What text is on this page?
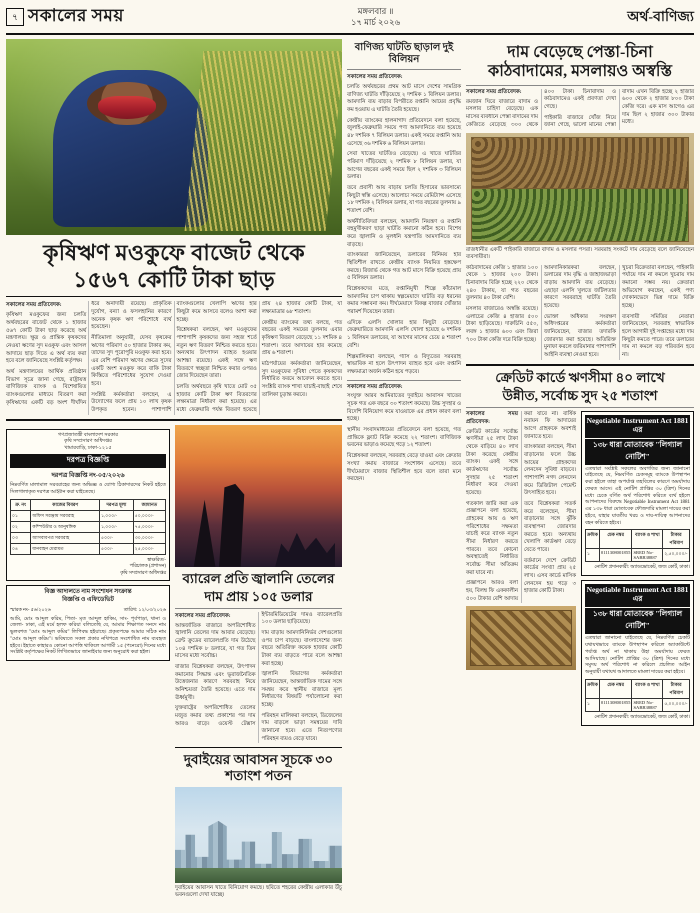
৭ সকালের সময়	মঙ্গলবার ॥
১৭ মার্চ ২০২৬	অর্থ-বাণিজ্য
কৃষিঋণ মওকুফে বাজেট থেকে
১৫৬৭ কোটি টাকা ছাড়
সকালের সময় প্রতিবেদক:

কৃষিঋণ মওকুফের জন্য চলতি অর্থবছরের বাজেট থেকে ১ হাজার ৫৬৭ কোটি টাকা ছাড় করেছে অর্থ মন্ত্রণালয়। ক্ষুদ্র ও প্রান্তিক কৃষকদের নেওয়া ঋণের সুদ মওকুফ এবং আসল আদায়ে ছাড় দিতে এ অর্থ ব্যয় করা হবে বলে জানিয়েছে সংশ্লিষ্ট কর্তৃপক্ষ।

অর্থ মন্ত্রণালয়ের আর্থিক প্রতিষ্ঠান বিভাগ সূত্রে জানা গেছে, রাষ্ট্রায়ত্ত বাণিজ্যিক ব্যাংক ও বিশেষায়িত ব্যাংকগুলোর মাধ্যমে বিতরণ করা কৃষিঋণের একটি বড় অংশ দীর্ঘদিন ধরে অনাদায়ী রয়েছে। প্রাকৃতিক দুর্যোগ, বন্যা ও ফসলহানির কারণে অনেক কৃষক ঋণ পরিশোধে ব্যর্থ হয়েছেন।

নীতিমালা অনুযায়ী, যেসব কৃষকের ঋণের পরিমাণ ৫০ হাজার টাকার কম, তাদের সুদ পুরোপুরি মওকুফ করা হবে। এর বেশি পরিমাণ ঋণের ক্ষেত্রে সুদের একটি অংশ মওকুফ করে বাকি টাকা কিস্তিতে পরিশোধের সুযোগ দেওয়া হবে।

সংশ্লিষ্ট কর্মকর্তারা বলছেন, এ উদ্যোগের ফলে প্রায় ১০ লাখ কৃষক উপকৃত হবেন। পাশাপাশি ব্যাংকগুলোর খেলাপি ঋণের হার কিছুটা কমে আসবে বলেও আশা করা হচ্ছে।

বিশ্লেষকরা বলছেন, ঋণ মওকুফের পাশাপাশি কৃষকদের জন্য সহজ শর্তে নতুন ঋণ বিতরণ নিশ্চিত করতে হবে। অন্যথায় উৎপাদন ব্যাহত হওয়ার আশঙ্কা রয়েছে। একই সঙ্গে ঋণ বিতরণে স্বচ্ছতা নিশ্চিত করার ওপরও জোর দিয়েছেন তারা।

চলতি অর্থবছরে কৃষি খাতে মোট ৩৫ হাজার কোটি টাকা ঋণ বিতরণের লক্ষ্যমাত্রা নির্ধারণ করা হয়েছে। এর মধ্যে ফেব্রুয়ারি পর্যন্ত বিতরণ হয়েছে প্রায় ২৪ হাজার কোটি টাকা, যা লক্ষ্যমাত্রার ৬৮ শতাংশ।

কেন্দ্রীয় ব্যাংকের তথ্য বলছে, গত বছরের একই সময়ের তুলনায় এবার কৃষিঋণ বিতরণ বেড়েছে ১১ দশমিক ৪ শতাংশ। তবে আদায়ের হার কমেছে প্রায় ৬ শতাংশ।

মাঠপর্যায়ের কর্মকর্তারা জানিয়েছেন, সুদ মওকুফের সুবিধা পেতে কৃষকদের নির্ধারিত ফরমে আবেদন করতে হবে। সংশ্লিষ্ট ব্যাংক শাখা যাচাই-বাছাই শেষে তালিকা চূড়ান্ত করবে।

গণপ্রজাতন্ত্রী বাংলাদেশ সরকার
কৃষি সম্প্রসারণ অধিদপ্তর
খামারবাড়ি, ঢাকা-১২১৫
দরপত্র বিজ্ঞপ্তি
দরপত্র বিজ্ঞপ্তি নং-০৫/২০২৬
নিম্নবর্ণিত মালামাল সরবরাহের জন্য অভিজ্ঞ ও যোগ্য ঠিকাদারদের নিকট হইতে সিলগালাকৃত দরপত্র আহ্বান করা যাইতেছে।
ক্র. নং	কাজের বিবরণ	দরপত্র মূল্য	জামানত
০১	অফিস সরঞ্জাম সরবরাহ	১,০০০/-	৫০,০০০/-
০২	কম্পিউটার ও আনুষঙ্গিক	১,০০০/-	৭৫,০০০/-
০৩	আসবাবপত্র সরবরাহ	৫০০/-	৩০,০০০/-
০৪	যানবাহন মেরামত	৫০০/-	২৫,০০০/-
স্বাক্ষরিত/-
পরিচালক (প্রশাসন)
কৃষি সম্প্রসারণ অধিদপ্তর
বিজ্ঞ আদালতে নাম সংশোধন সংক্রান্ত
বিজ্ঞপ্তি ও এফিডেভিট
স্মারক নং- ৫৬/২০২৬	তারিখ: ১২/০৩/২০২৬
আমি, মোঃ আব্দুল করিম, পিতা- মৃত আব্দুল হাকিম, সাং- পূর্বপাড়া, থানা ও জেলা- ঢাকা, এই মর্মে হলফ করিয়া বলিতেছি যে, আমার শিক্ষাগত সনদে নাম ভুলবশত "মোঃ আব্দুল কমির" লিপিবদ্ধ হইয়াছে। প্রকৃতপক্ষে আমার সঠিক নাম "মোঃ আব্দুল করিম"। ভবিষ্যতে সকল প্রকার নথিপত্রে সংশোধিত নাম ব্যবহৃত হইবে। ইহাতে কাহারও কোনো আপত্তি থাকিলে আগামী ১৫ (পনেরো) দিনের মধ্যে সংশ্লিষ্ট কর্তৃপক্ষের নিকট লিখিতভাবে জানাইবার জন্য অনুরোধ করা হইল।
ব্যারেল প্রতি জ্বালানি তেলের
দাম প্রায় ১০৫ ডলার
সকালের সময় প্রতিবেদক:

আন্তর্জাতিক বাজারে অপরিশোধিত জ্বালানি তেলের দাম আবার বেড়েছে। ব্রেন্ট ক্রুডের ব্যারেলপ্রতি দাম উঠেছে ১০৪ দশমিক ৮ ডলারে, যা গত তিন মাসের মধ্যে সর্বোচ্চ।

বাজার বিশ্লেষকরা বলছেন, উৎপাদন কমানোর সিদ্ধান্ত এবং ভূরাজনৈতিক উত্তেজনার কারণে সরবরাহ নিয়ে অনিশ্চয়তা তৈরি হয়েছে। এতে দাম ঊর্ধ্বমুখী।

যুক্তরাষ্ট্রের অপরিশোধিত তেলের মজুত কমার তথ্য প্রকাশের পর দাম আরও বাড়ে। ওয়েস্ট টেক্সাস ইন্টারমিডিয়েটের দামও ব্যারেলপ্রতি ১০০ ডলার ছাড়িয়েছে।

দাম বাড়ায় আমদানিনির্ভর দেশগুলোর ওপর চাপ বাড়ছে। বাংলাদেশের জন্য বছরে অতিরিক্ত কয়েক হাজার কোটি টাকা ব্যয় বাড়তে পারে বলে আশঙ্কা করা হচ্ছে।

জ্বালানি বিভাগের কর্মকর্তারা জানিয়েছেন, আন্তর্জাতিক দামের সঙ্গে সমন্বয় করে স্থানীয় বাজারে মূল্য নির্ধারণের বিষয়টি পর্যালোচনা করা হচ্ছে।

পরিবহন মালিকরা বলছেন, ডিজেলের দাম বাড়লে ভাড়া সমন্বয়ের দাবি জানানো হবে। এতে নিত্যপণ্যের পরিবহন ব্যয়ও বেড়ে যাবে।

দুবাইয়ের আবাসন সূচকে ৩০ শতাংশ পতন
দুবাইয়ের আবাসন খাতে বিনিয়োগ কমছে। ছবিতে শহরের কেন্দ্রীয় এলাকার উঁচু ভবনগুলো দেখা যাচ্ছে।
বাণিজ্য ঘাটতি ছাড়াল দুই বিলিয়ন
সকালের সময় প্রতিবেদক:

চলতি অর্থবছরের প্রথম আট মাসে দেশের সামগ্রিক বাণিজ্য ঘাটতি দাঁড়িয়েছে ২ দশমিক ১ বিলিয়ন ডলার। আমদানি ব্যয় বাড়ার বিপরীতে রপ্তানি আয়ের প্রবৃদ্ধি কম হওয়ায় এ ঘাটতি তৈরি হয়েছে।

কেন্দ্রীয় ব্যাংকের হালনাগাদ প্রতিবেদনে বলা হয়েছে, জুলাই-ফেব্রুয়ারি সময়ে পণ্য আমদানিতে ব্যয় হয়েছে ৪৮ দশমিক ৭ বিলিয়ন ডলার। একই সময়ে রপ্তানি আয় এসেছে ৩৬ দশমিক ৬ বিলিয়ন ডলার।

সেবা খাতের ঘাটতিও বেড়েছে। এ খাতে ঘাটতির পরিমাণ দাঁড়িয়েছে ২ দশমিক ৮ বিলিয়ন ডলার, যা আগের বছরের একই সময়ে ছিল ২ দশমিক ৩ বিলিয়ন ডলার।

তবে প্রবাসী আয় বাড়ায় চলতি হিসাবের ভারসাম্যে কিছুটা স্বস্তি এসেছে। আলোচ্য সময়ে রেমিট্যান্স এসেছে ১৮ দশমিক ২ বিলিয়ন ডলার, যা গত বছরের তুলনায় ৯ শতাংশ বেশি।

অর্থনীতিবিদরা বলছেন, আমদানি নিয়ন্ত্রণ ও রপ্তানি বহুমুখীকরণ ছাড়া ঘাটতি কমানো কঠিন হবে। বিশেষ করে জ্বালানি ও মূলধনি যন্ত্রপাতি আমদানিতে ব্যয় বাড়ছে।

ব্যাংকাররা জানিয়েছেন, ডলারের বিনিময় হার স্থিতিশীল রাখতে কেন্দ্রীয় ব্যাংক নিয়মিত হস্তক্ষেপ করছে। রিজার্ভ থেকে গত আট মাসে বিক্রি হয়েছে প্রায় ৫ বিলিয়ন ডলার।

বিশ্লেষকদের মতে, রপ্তানিমুখী শিল্পে কাঁচামাল আমদানির চাপ থাকায় স্বল্পমেয়াদে ঘাটতি বড় ধরনের কমার সম্ভাবনা কম। দীর্ঘমেয়াদে বিকল্প বাজার খোঁজার পরামর্শ দিয়েছেন তারা।

এদিকে এলসি খোলার হার কিছুটা বেড়েছে। ফেব্রুয়ারিতে আমদানি এলসি খোলা হয়েছে ৬ দশমিক ১ বিলিয়ন ডলারের, যা আগের মাসের চেয়ে ৪ শতাংশ বেশি।

শিল্পমালিকরা বলছেন, গ্যাস ও বিদ্যুতের সরবরাহ স্বাভাবিক না হলে উৎপাদন ব্যাহত হবে এবং রপ্তানি লক্ষ্যমাত্রা অর্জন কঠিন হয়ে পড়বে।

সকালের সময় প্রতিবেদক:

সংযুক্ত আরব আমিরাতের দুবাইয়ে আবাসন খাতের সূচক গত এক বছরে ৩০ শতাংশ কমেছে। উচ্চ সুদহার ও বিদেশি বিনিয়োগ কমে যাওয়াকে এর প্রধান কারণ বলা হচ্ছে।

স্থানীয় সংবাদমাধ্যমের প্রতিবেদনে বলা হয়েছে, গত প্রান্তিকে ফ্ল্যাট বিক্রি কমেছে ২২ শতাংশ। বাণিজ্যিক ভবনের ভাড়াও কমেছে গড়ে ১২ শতাংশ।

বিশ্লেষকরা বলছেন, সরবরাহ বেড়ে যাওয়া এবং ক্রেতার সংখ্যা কমায় বাজারে সংশোধন এসেছে। তবে দীর্ঘমেয়াদে বাজার স্থিতিশীল হবে বলে তারা মনে করছেন।

দাম বেড়েছে পেস্তা-চিনা
কাঠবাদামের, মসলায়ও অস্বস্তি
সকালের সময় প্রতিবেদক:

রমজান ঘিরে বাজারে বাদাম ও মসলার চাহিদা বেড়েছে। এক মাসের ব্যবধানে পেস্তা বাদামের দাম কেজিতে বেড়েছে ৩০০ থেকে ৪০০ টাকা। চিনাবাদাম ও কাঠবাদামেও একই প্রবণতা দেখা গেছে।

পাইকারি বাজারে খোঁজ নিয়ে জানা গেছে, ভালো মানের পেস্তা বাদাম এখন বিক্রি হচ্ছে ২ হাজার ৬০০ থেকে ২ হাজার ৮০০ টাকা কেজি দরে। এক মাস আগেও এর দাম ছিল ২ হাজার ৩০০ টাকার মধ্যে।

রাজধানীর একটি পাইকারি বাজারে বাদাম ও মসলার পসরা। সরবরাহ সংকটে দাম বেড়েছে বলে জানিয়েছেন ব্যবসায়ীরা।

কাঠবাদামের কেজি ১ হাজার ১০০ থেকে ১ হাজার ২০০ টাকা। চিনাবাদাম বিক্রি হচ্ছে ২২০ থেকে ২৪০ টাকায়, যা গত বছরের তুলনায় ৪০ টাকা বেশি।

মসলার বাজারেও অস্বস্তি রয়েছে। এলাচের কেজি ৪ হাজার ৫০০ টাকা ছাড়িয়েছে। দারুচিনি ৫৫০, লবঙ্গ ১ হাজার ৬০০ এবং জিরা ৭০০ টাকা কেজি দরে বিক্রি হচ্ছে।

আমদানিকারকরা বলছেন, ডলারের দাম বৃদ্ধি ও জাহাজভাড়া বাড়ায় আমদানি ব্যয় বেড়েছে। এছাড়া এলসি খুলতে জটিলতার কারণে সরবরাহে ঘাটতি তৈরি হয়েছে।

ভোক্তা অধিকার সংরক্ষণ অধিদপ্তরের কর্মকর্তারা জানিয়েছেন, বাজার তদারকি জোরদার করা হয়েছে। অতিরিক্ত মুনাফা করলে জরিমানার পাশাপাশি আইনি ব্যবস্থা নেওয়া হবে।

খুচরা বিক্রেতারা বলছেন, পাইকারি পর্যায়ে দাম না কমলে খুচরায় দাম কমানো সম্ভব নয়। ক্রেতারা অভিযোগ করছেন, একই পণ্য দোকানভেদে ভিন্ন দামে বিক্রি হচ্ছে।

ব্যবসায়ী সমিতির নেতারা জানিয়েছেন, সরবরাহ স্বাভাবিক হলে আগামী দুই সপ্তাহের মধ্যে দাম কিছুটা কমতে পারে। তবে ডলারের দাম না কমলে বড় পরিবর্তন হবে না।

ক্রেডিট কার্ডে ঋণসীমা ৪০ লাখে
উন্নীত, সর্বোচ্চ সুদ ২৫ শতাংশ
সকালের সময় প্রতিবেদক:

ক্রেডিট কার্ডের সর্বোচ্চ ঋণসীমা ২৫ লাখ টাকা থেকে বাড়িয়ে ৪০ লাখ টাকা করেছে কেন্দ্রীয় ব্যাংক। একই সঙ্গে কার্ডঋণের সর্বোচ্চ সুদহার ২৫ শতাংশ নির্ধারণ করে দেওয়া হয়েছে।

গতকাল জারি করা এক প্রজ্ঞাপনে বলা হয়েছে, গ্রাহকের আয় ও ঋণ পরিশোধের সক্ষমতা যাচাই করে ব্যাংক নতুন সীমা নির্ধারণ করতে পারবে। তবে কোনো অবস্থাতেই নির্ধারিত সর্বোচ্চ সীমা অতিক্রম করা যাবে না।

প্রজ্ঞাপনে আরও বলা হয়, বিলম্ব ফি এককালীন ৫০০ টাকার বেশি আদায় করা যাবে না। বার্ষিক নবায়ন ফি আদায়ের আগে গ্রাহককে অবশ্যই জানাতে হবে।

ব্যাংকাররা বলছেন, সীমা বাড়ানোর ফলে উচ্চ আয়ের গ্রাহকদের লেনদেন সুবিধা বাড়বে। পাশাপাশি নগদ লেনদেন কমে ডিজিটাল পেমেন্ট উৎসাহিত হবে।

তবে বিশ্লেষকরা সতর্ক করে বলেছেন, সীমা বাড়ানোর সঙ্গে ঝুঁকি ব্যবস্থাপনা জোরদার করতে হবে। অন্যথায় খেলাপি কার্ডঋণ বেড়ে যেতে পারে।

বর্তমানে দেশে ক্রেডিট কার্ডের সংখ্যা প্রায় ২৫ লাখ। এসব কার্ডে মাসিক লেনদেন হয় গড়ে ৩ হাজার কোটি টাকা।

Negotiable Instrument Act 1881 এর
১৩৮ ধারা মোতাবেক "লিগ্যাল নোটিশ"
এতদ্বারা সংশ্লিষ্ট সকলের অবগতির জন্য জানানো যাইতেছে যে, নিম্নবর্ণিত চেকসমূহ ব্যাংকে উপস্থাপন করা হইলে তাহা অপর্যাপ্ত তহবিলের কারণে অমর্যাদায় ফেরত আসে। এই নোটিশ প্রাপ্তির ৩০ (ত্রিশ) দিনের মধ্যে চেকে বর্ণিত অর্থ পরিশোধ করিতে ব্যর্থ হইলে আপনাদের বিরুদ্ধে Negotiable Instrument Act 1881 এর ১৩৮ ধারা মোতাবেক ফৌজদারি মামলা দায়ের করা হইবে, যাহার যাবতীয় খরচ ও দায়-দায়িত্ব আপনাদের বহন করিতে হইবে।
ক্রমিক	চেক নম্বর	ব্যাংক ও শাখা	টাকার পরিমাণ
১	0111308001855	SRED No- SABB38887	২,৫০,০০০/-
নোটিশ প্রদানকারী: অ্যাডভোকেট, জজ কোর্ট, ঢাকা।
Negotiable Instrument Act 1881 এর
১৩৮ ধারা মোতাবেক "লিগ্যাল নোটিশ"
এতদ্বারা জানানো যাইতেছে যে, নিম্নবর্ণিত চেকটি যথাযথভাবে ব্যাংকে উপস্থাপন করিলে অ্যাকাউন্টে পর্যাপ্ত অর্থ না থাকায় উহা অমর্যাদায় ফেরত আসিয়াছে। নোটিশ প্রাপ্তির ৩০ (ত্রিশ) দিনের মধ্যে সমুদয় অর্থ পরিশোধ না করিলে প্রচলিত আইন অনুযায়ী যথাযথ আদালতে মামলা দায়ের করা হইবে।
ক্রমিক	চেক নম্বর	ব্যাংক ও শাখা	টাকার পরিমাণ
১	0111308001855	SRED No- SABB38887	৫,০০,০০০/-
নোটিশ প্রদানকারী: অ্যাডভোকেট, জজ কোর্ট, ঢাকা।
